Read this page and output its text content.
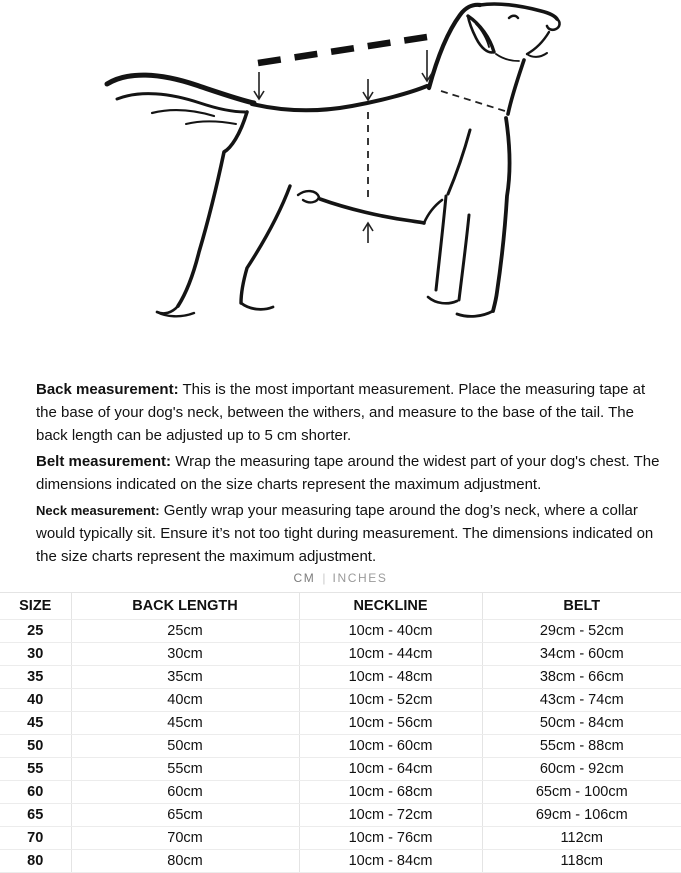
Back measurement: This is the most important measurement. Place the measuring tape at the base of your dog's neck, between the withers, and measure to the base of the tail. The back length can be adjusted up to 5 cm shorter.

Belt measurement: Wrap the measuring tape around the widest part of your dog's chest. The dimensions indicated on the size charts represent the maximum adjustment.

Neck measurement: Gently wrap your measuring tape around the dog’s neck, where a collar would typically sit. Ensure it’s not too tight during measurement. The dimensions indicated on the size charts represent the maximum adjustment.

CM | INCHES
SIZE	BACK LENGTH	NECKLINE	BELT
25	25cm	10cm - 40cm	29cm - 52cm
30	30cm	10cm - 44cm	34cm - 60cm
35	35cm	10cm - 48cm	38cm - 66cm
40	40cm	10cm - 52cm	43cm - 74cm
45	45cm	10cm - 56cm	50cm - 84cm
50	50cm	10cm - 60cm	55cm - 88cm
55	55cm	10cm - 64cm	60cm - 92cm
60	60cm	10cm - 68cm	65cm - 100cm
65	65cm	10cm - 72cm	69cm - 106cm
70	70cm	10cm - 76cm	112cm
80	80cm	10cm - 84cm	118cm
